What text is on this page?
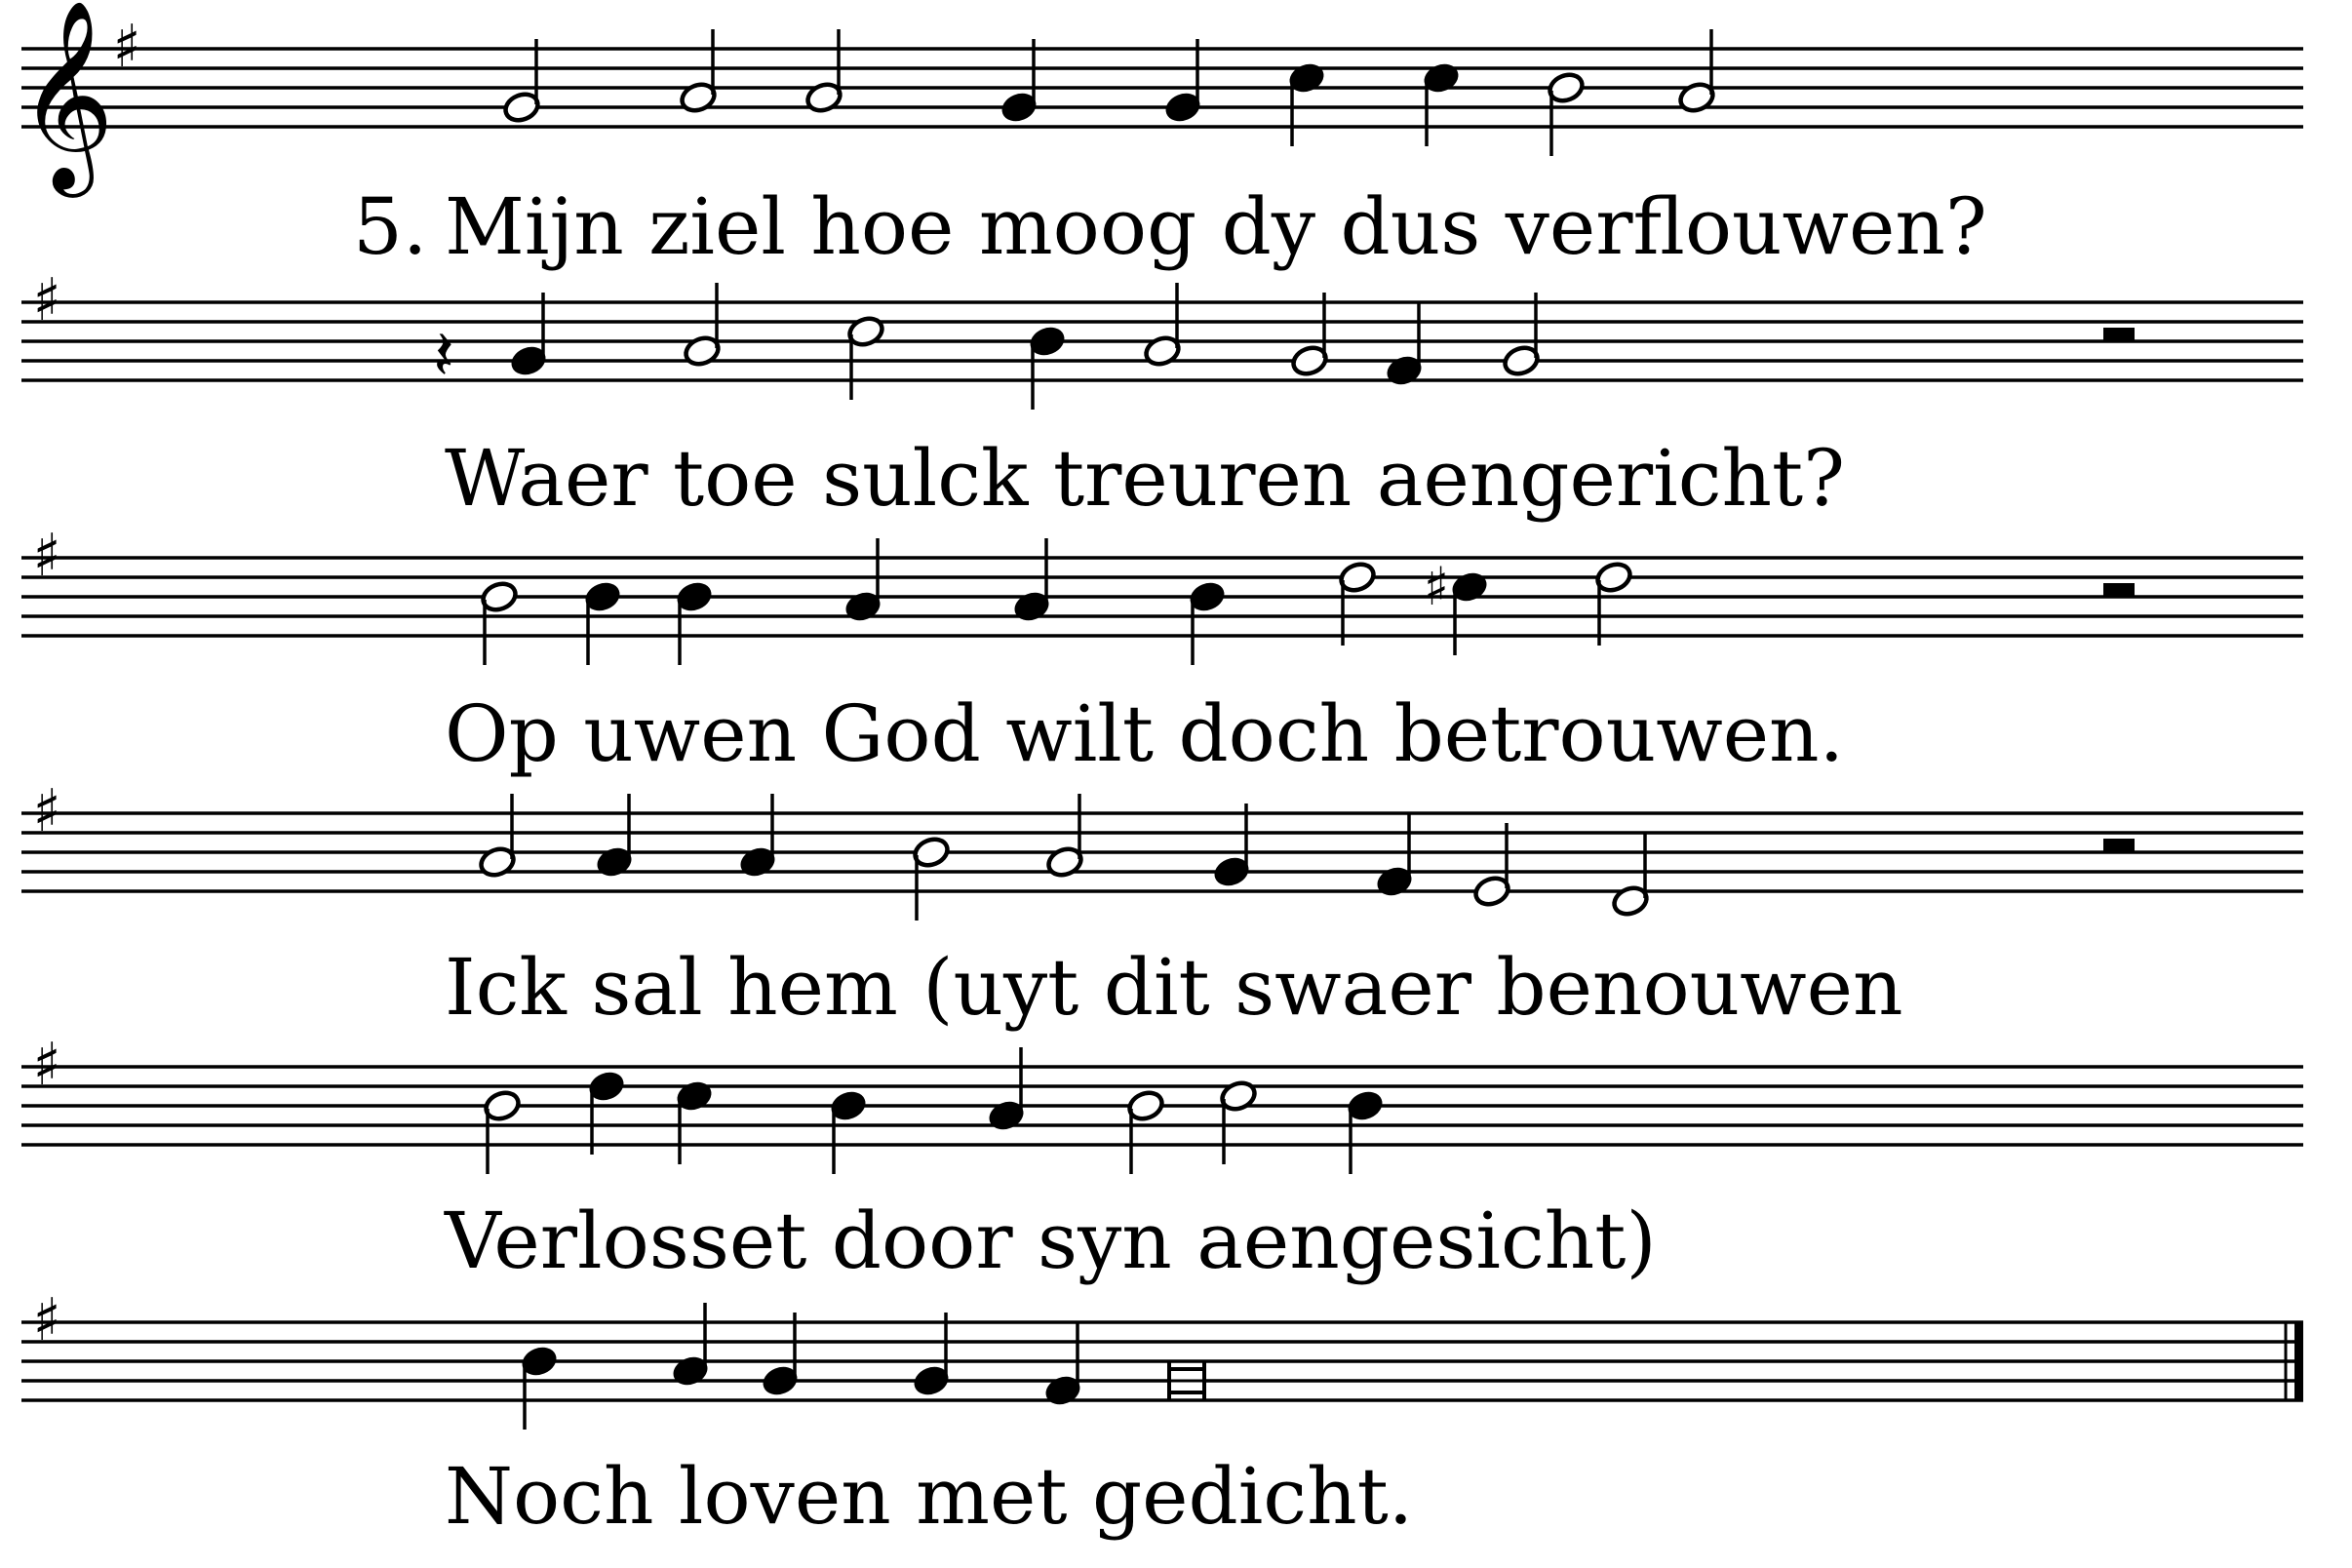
5.
𝄞
♯
Mijn ziel hoe moog dy dus verflouwen?
♯
𝄽
Waer toe sulck treuren aengericht?
♯	♯
Op uwen God wilt doch betrouwen.
♯
Ick sal hem (uyt dit swaer benouwen
♯
Verlosset door syn aengesicht)
♯
Noch loven met gedicht.
